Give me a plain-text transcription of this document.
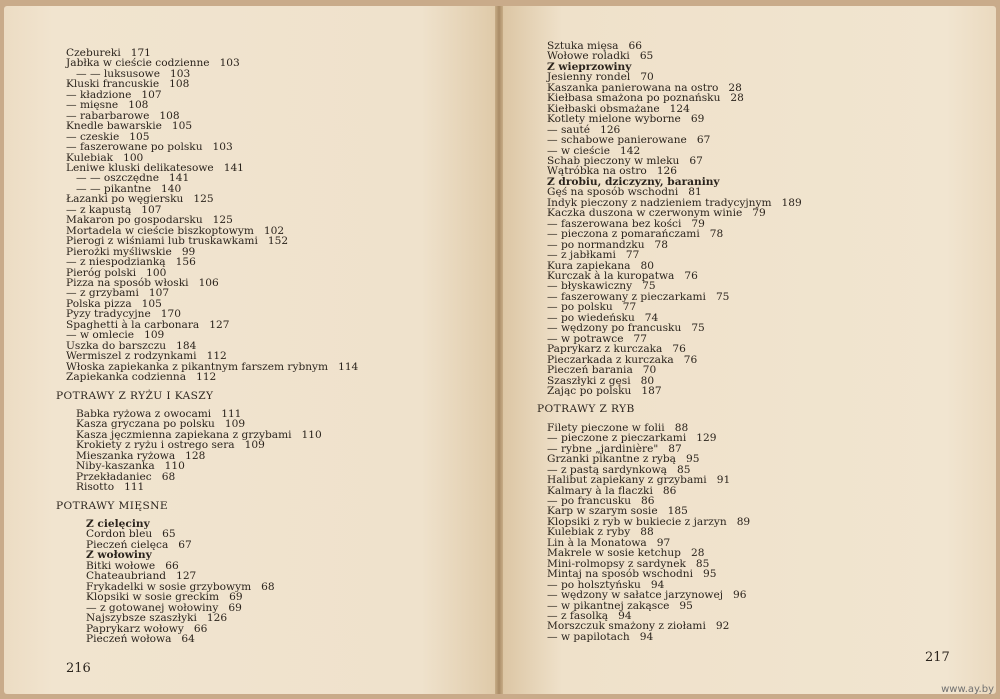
Czebureki 171
Jabłka w cieście codzienne 103
— — luksusowe 103
Kluski francuskie 108
— kładzione 107
— mięsne 108
— rabarbarowe 108
Knedle bawarskie 105
— czeskie 105
— faszerowane po polsku 103
Kulebiak 100
Leniwe kluski delikatesowe 141
— — oszczędne 141
— — pikantne 140
Łazanki po węgiersku 125
— z kapustą 107
Makaron po gospodarsku 125
Mortadela w cieście biszkoptowym 102
Pierogi z wiśniami lub truskawkami 152
Pierożki myśliwskie 99
— z niespodzianką 156
Pieróg polski 100
Pizza na sposób włoski 106
— z grzybami 107
Polska pizza 105
Pyzy tradycyjne 170
Spaghetti à la carbonara 127
— w omlecie 109
Uszka do barszczu 184
Wermiszel z rodzynkami 112
Włoska zapiekanka z pikantnym farszem rybnym 114
Zapiekanka codzienna 112
POTRAWY Z RYŻU I KASZY
Babka ryżowa z owocami 111
Kasza gryczana po polsku 109
Kasza jęczmienna zapiekana z grzybami 110
Krokiety z ryżu i ostrego sera 109
Mieszanka ryżowa 128
Niby-kaszanka 110
Przekładaniec 68
Risotto 111
POTRAWY MIĘSNE
Z cielęciny
Cordon bleu 65
Pieczeń cielęca 67
Z wołowiny
Bitki wołowe 66
Chateaubriand 127
Frykadelki w sosie grzybowym 68
Klopsiki w sosie greckim 69
— z gotowanej wołowiny 69
Najszybsze szaszłyki 126
Paprykarz wołowy 66
Pieczeń wołowa 64
Sztuka mięsa 66
Wołowe roladki 65
Z wieprzowiny
Jesienny rondel 70
Kaszanka panierowana na ostro 28
Kiełbasa smażona po poznańsku 28
Kiełbaski obsmażane 124
Kotlety mielone wyborne 69
— sauté 126
— schabowe panierowane 67
— w cieście 142
Schab pieczony w mleku 67
Wątróbka na ostro 126
Z drobiu, dziczyzny, baraniny
Gęś na sposób wschodni 81
Indyk pieczony z nadzieniem tradycyjnym 189
Kaczka duszona w czerwonym winie 79
— faszerowana bez kości 79
— pieczona z pomarańczami 78
— po normandzku 78
— z jabłkami 77
Kura zapiekana 80
Kurczak à la kuropatwa 76
— błyskawiczny 75
— faszerowany z pieczarkami 75
— po polsku 77
— po wiedeńsku 74
— wędzony po francusku 75
— w potrawce 77
Paprykarz z kurczaka 76
Pieczarkada z kurczaka 76
Pieczeń barania 70
Szaszłyki z gęsi 80
Zając po polsku 187
POTRAWY Z RYB
Filety pieczone w folii 88
— pieczone z pieczarkami 129
— rybne „jardinière" 87
Grzanki pikantne z rybą 95
— z pastą sardynkową 85
Halibut zapiekany z grzybami 91
Kalmary à la flaczki 86
— po francusku 86
Karp w szarym sosie 185
Klopsiki z ryb w bukiecie z jarzyn 89
Kulebiak z ryby 88
Lin à la Monatowa 97
Makrele w sosie ketchup 28
Mini-rolmopsy z sardynek 85
Mintaj na sposób wschodni 95
— po holsztyńsku 94
— wędzony w sałatce jarzynowej 96
— w pikantnej zakąsce 95
— z fasolką 94
Morszczuk smażony z ziołami 92
— w papilotach 94
216
217
www.ay.by
